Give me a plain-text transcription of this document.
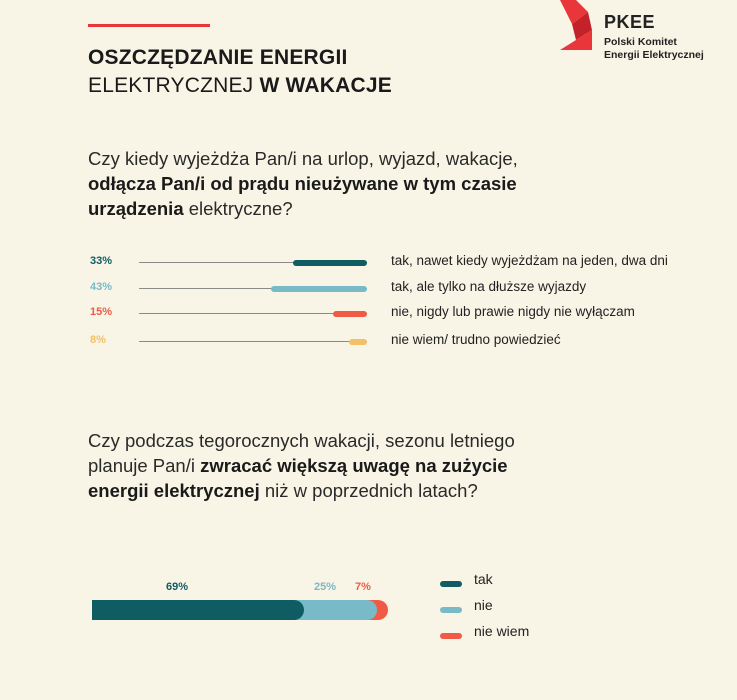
OSZCZĘDZANIE ENERGII
ELEKTRYCZNEJ W WAKACJE
PKEE
Polski Komitet
Energii Elektrycznej
Czy kiedy wyjeżdża Pan/i na urlop, wyjazd, wakacje,
odłącza Pan/i od prądu nieużywane w tym czasie
urządzenia elektryczne?
33%	tak, nawet kiedy wyjeżdżam na jeden, dwa dni
43%	tak, ale tylko na dłuższe wyjazdy
15%	nie, nigdy lub prawie nigdy nie wyłączam
8%	nie wiem/ trudno powiedzieć
Czy podczas tegorocznych wakacji, sezonu letniego
planuje Pan/i zwracać większą uwagę na zużycie
energii elektrycznej niż w poprzednich latach?
69%	25% 7%	tak
nie
nie wiem
